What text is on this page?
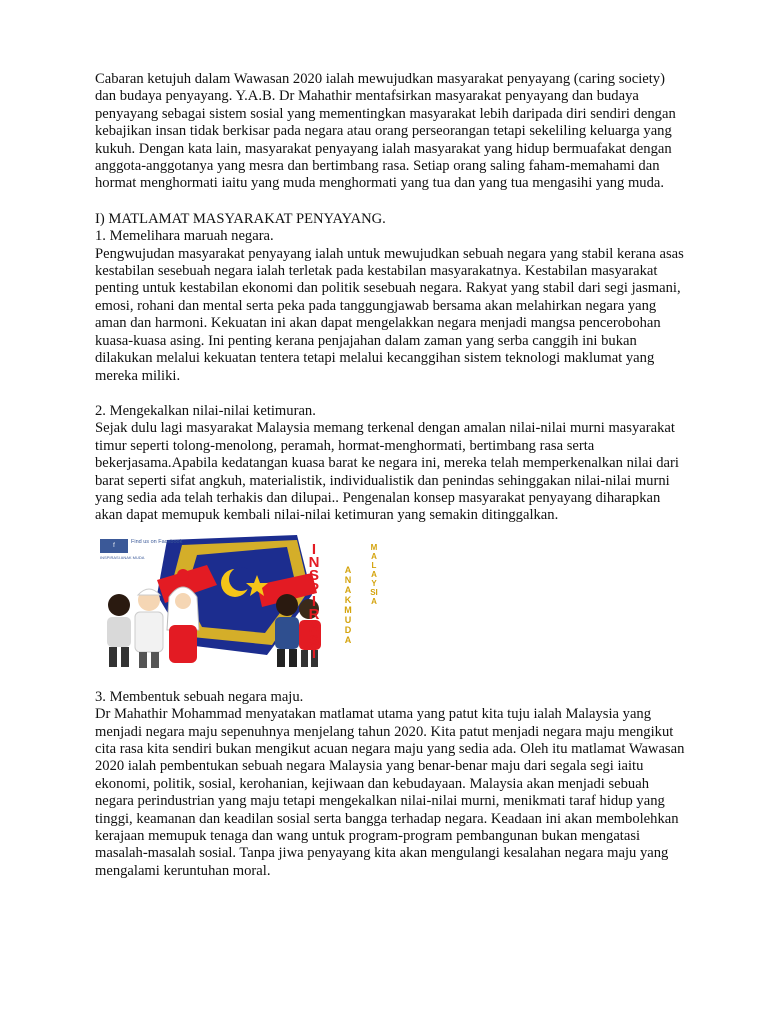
Cabaran ketujuh dalam Wawasan 2020 ialah mewujudkan masyarakat penyayang (caring society) dan budaya penyayang. Y.A.B. Dr Mahathir mentafsirkan masyarakat penyayang dan budaya penyayang sebagai sistem sosial yang mementingkan masyarakat lebih daripada diri sendiri dengan kebajikan insan tidak berkisar pada negara atau orang perseorangan tetapi sekeliling keluarga yang kukuh. Dengan kata lain, masyarakat penyayang ialah masyarakat yang hidup bermuafakat dengan anggota-anggotanya yang mesra dan bertimbang rasa. Setiap orang saling faham-memahami dan hormat menghormati iaitu yang muda menghormati yang tua dan yang tua mengasihi yang muda.

I) MATLAMAT MASYARAKAT PENYAYANG.

1. Memelihara maruah negara.

Pengwujudan masyarakat penyayang ialah untuk mewujudkan sebuah negara yang stabil kerana asas kestabilan sesebuah negara ialah terletak pada kestabilan masyarakatnya. Kestabilan masyarakat penting untuk kestabilan ekonomi dan politik sesebuah negara. Rakyat yang stabil dari segi jasmani, emosi, rohani dan mental serta peka pada tanggungjawab bersama akan melahirkan negara yang aman dan harmoni. Kekuatan ini akan dapat mengelakkan negara menjadi mangsa pencerobohan kuasa-kuasa asing. Ini penting kerana penjajahan dalam zaman yang serba canggih ini bukan dilakukan melalui kekuatan tentera tetapi melalui kecanggihan sistem teknologi maklumat yang mereka miliki.

2. Mengekalkan nilai-nilai ketimuran.

Sejak dulu lagi masyarakat Malaysia memang terkenal dengan amalan nilai-nilai murni masyarakat timur seperti tolong-menolong, peramah, hormat-menghormati, bertimbang rasa serta bekerjasama.Apabila kedatangan kuasa barat ke negara ini, mereka telah memperkenalkan nilai dari barat seperti sifat angkuh, materialistik, individualistik dan penindas sehinggakan nilai-nilai murni yang sedia ada telah terhakis dan dilupai.. Pengenalan konsep masyarakat penyayang diharapkan akan dapat memupuk kembali nilai-nilai ketimuran yang semakin ditinggalkan.

f
Find us on Facebook
INSPIRASI ANAK MUDA	INSPIRASI
ANAKMUDA
MALAYSIA

3. Membentuk sebuah negara maju.

Dr Mahathir Mohammad menyatakan matlamat utama yang patut kita tuju ialah Malaysia yang menjadi negara maju sepenuhnya menjelang tahun 2020. Kita patut menjadi negara maju mengikut cita rasa kita sendiri bukan mengikut acuan negara maju yang sedia ada. Oleh itu matlamat Wawasan 2020 ialah pembentukan sebuah negara Malaysia yang benar-benar maju dari segala segi iaitu ekonomi, politik, sosial, kerohanian, kejiwaan dan kebudayaan. Malaysia akan menjadi sebuah negara perindustrian yang maju tetapi mengekalkan nilai-nilai murni, menikmati taraf hidup yang tinggi, keamanan dan keadilan sosial serta bangga terhadap negara. Keadaan ini akan membolehkan kerajaan memupuk tenaga dan wang untuk program-program pembangunan bukan mengatasi masalah-masalah sosial. Tanpa jiwa penyayang kita akan mengulangi kesalahan negara maju yang mengalami keruntuhan moral.
